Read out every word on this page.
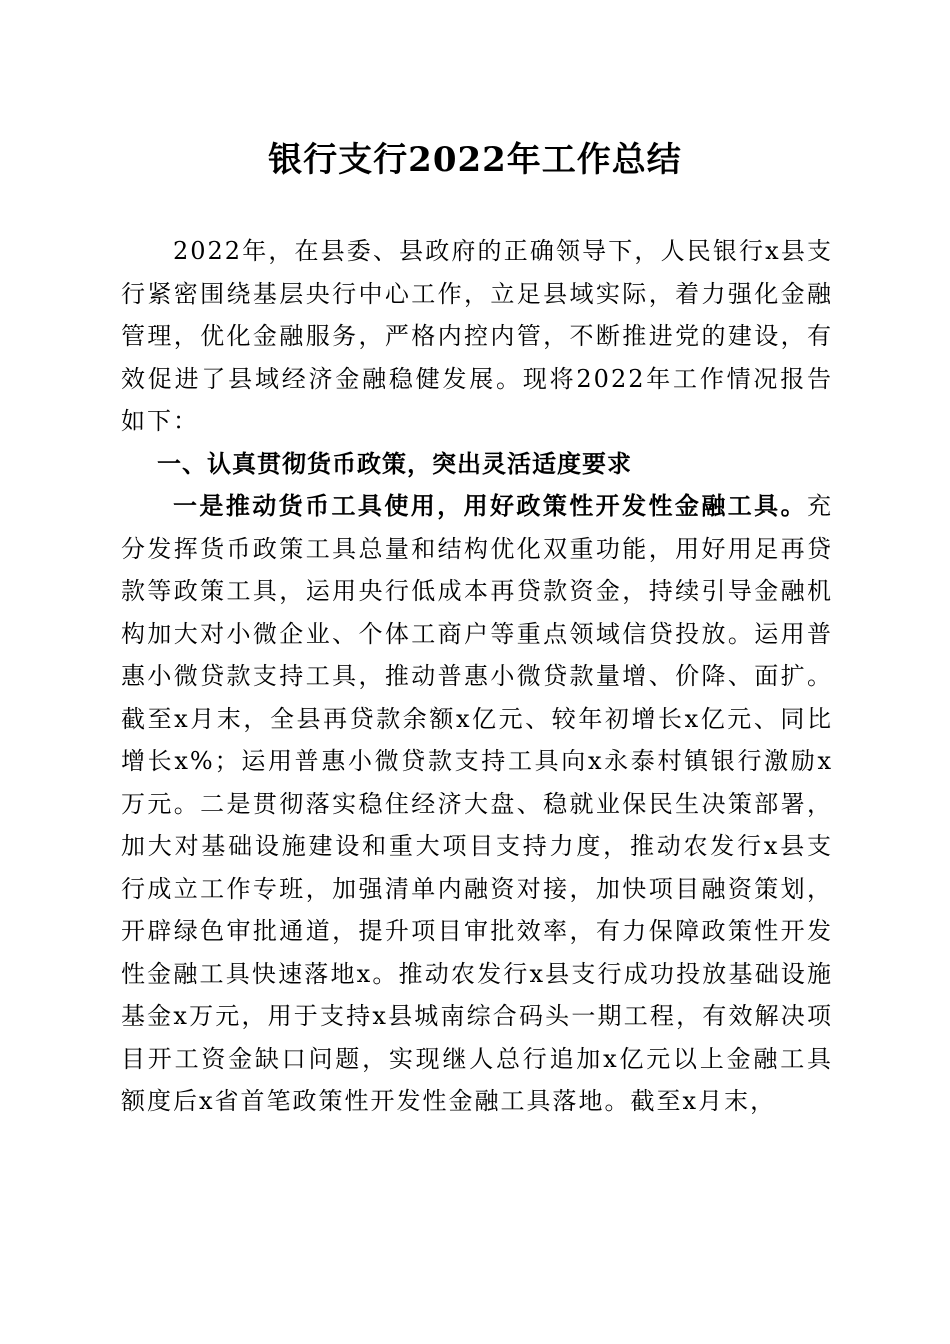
银行支行2022年工作总结

2022年，在县委、县政府的正确领导下，人民银行x县支行紧密围绕基层央行中心工作，立足县域实际，着力强化金融管理，优化金融服务，严格内控内管，不断推进党的建设，有效促进了县域经济金融稳健发展。现将2022年工作情况报告如下：

一、认真贯彻货币政策，突出灵活适度要求

一是推动货币工具使用，用好政策性开发性金融工具。充分发挥货币政策工具总量和结构优化双重功能，用好用足再贷款等政策工具，运用央行低成本再贷款资金，持续引导金融机构加大对小微企业、个体工商户等重点领域信贷投放。运用普惠小微贷款支持工具，推动普惠小微贷款量增、价降、面扩。截至x月末，全县再贷款余额x亿元、较年初增长x亿元、同比增长x%；运用普惠小微贷款支持工具向x永泰村镇银行激励x万元。二是贯彻落实稳住经济大盘、稳就业保民生决策部署，加大对基础设施建设和重大项目支持力度，推动农发行x县支行成立工作专班，加强清单内融资对接，加快项目融资策划，开辟绿色审批通道，提升项目审批效率，有力保障政策性开发性金融工具快速落地x。推动农发行x县支行成功投放基础设施基金x万元，用于支持x县城南综合码头一期工程，有效解决项目开工资金缺口问题，实现继人总行追加x亿元以上金融工具额度后x省首笔政策性开发性金融工具落地。截至x月末，
